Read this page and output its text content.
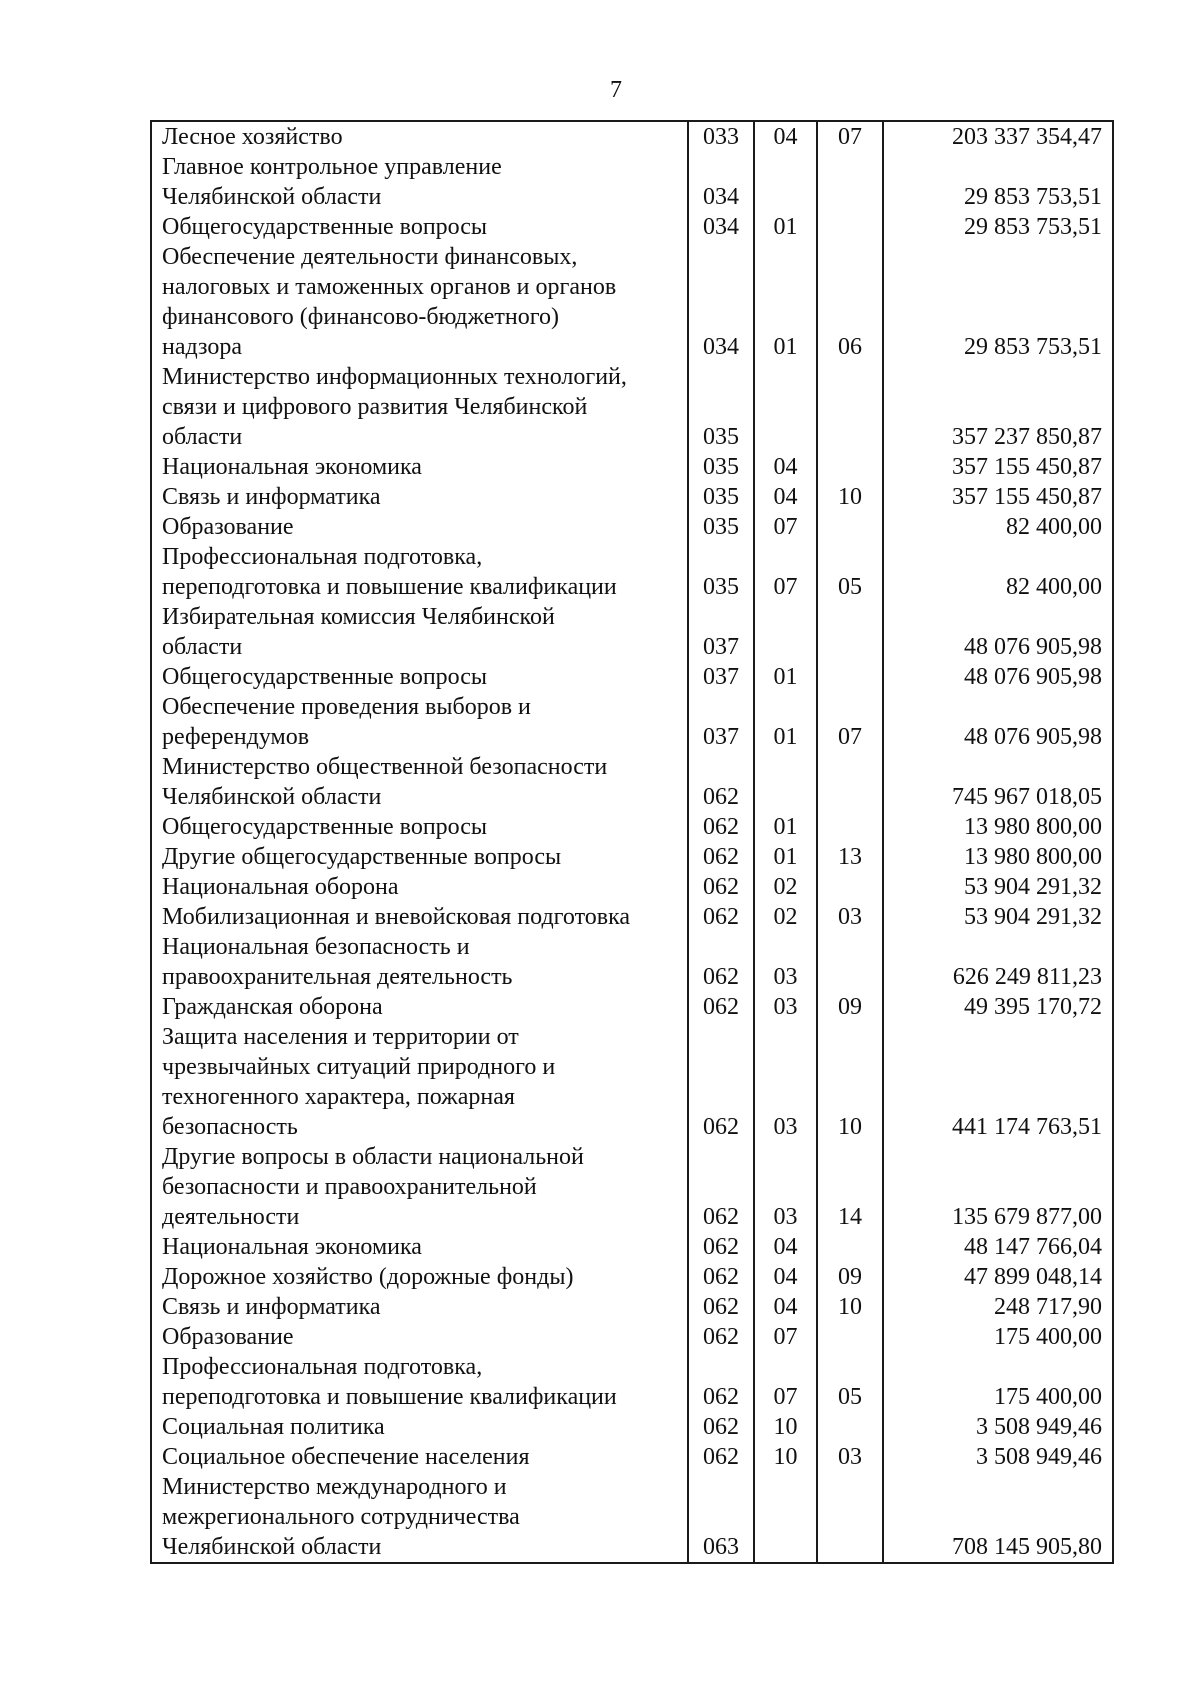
7
Лесное хозяйство	033	04	07	203 337 354,47

Главное контрольное управление
Челябинской области	034			29 853 753,51

Общегосударственные вопросы	034	01		29 853 753,51

Обеспечение деятельности финансовых,
налоговых и таможенных органов и органов
финансового (финансово-бюджетного)
надзора	034	01	06	29 853 753,51

Министерство информационных технологий,
связи и цифрового развития Челябинской
области	035			357 237 850,87

Национальная экономика	035	04		357 155 450,87

Связь и информатика	035	04	10	357 155 450,87

Образование	035	07		82 400,00

Профессиональная подготовка,
переподготовка и повышение квалификации	035	07	05	82 400,00

Избирательная комиссия Челябинской
области	037			48 076 905,98

Общегосударственные вопросы	037	01		48 076 905,98

Обеспечение проведения выборов и
референдумов	037	01	07	48 076 905,98

Министерство общественной безопасности
Челябинской области	062			745 967 018,05

Общегосударственные вопросы	062	01		13 980 800,00

Другие общегосударственные вопросы	062	01	13	13 980 800,00

Национальная оборона	062	02		53 904 291,32

Мобилизационная и вневойсковая подготовка	062	02	03	53 904 291,32

Национальная безопасность и
правоохранительная деятельность	062	03		626 249 811,23

Гражданская оборона	062	03	09	49 395 170,72

Защита населения и территории от
чрезвычайных ситуаций природного и
техногенного характера, пожарная
безопасность	062	03	10	441 174 763,51

Другие вопросы в области национальной
безопасности и правоохранительной
деятельности	062	03	14	135 679 877,00

Национальная экономика	062	04		48 147 766,04

Дорожное хозяйство (дорожные фонды)	062	04	09	47 899 048,14

Связь и информатика	062	04	10	248 717,90

Образование	062	07		175 400,00

Профессиональная подготовка,
переподготовка и повышение квалификации	062	07	05	175 400,00

Социальная политика	062	10		3 508 949,46

Социальное обеспечение населения	062	10	03	3 508 949,46

Министерство международного и
межрегионального сотрудничества
Челябинской области	063			708 145 905,80
